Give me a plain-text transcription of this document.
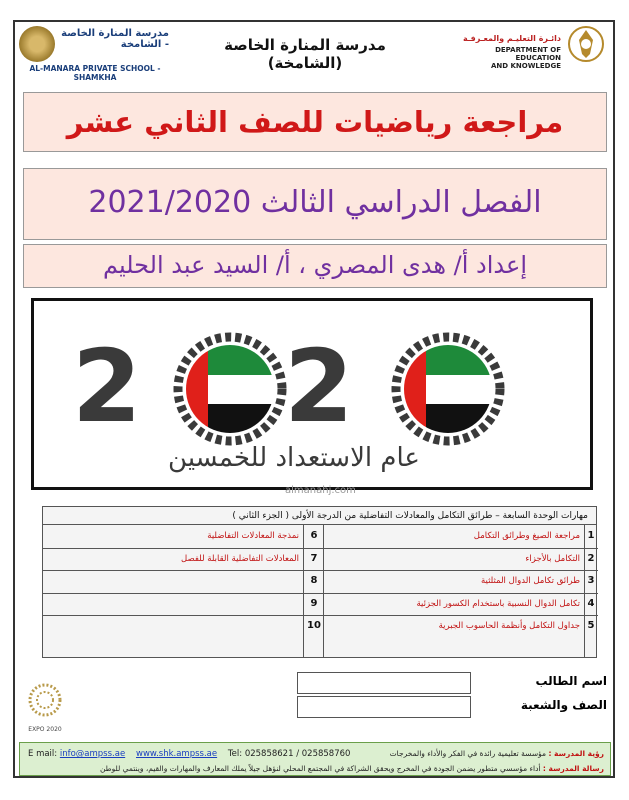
مدرسة المنارة الخاصة - الشامخة
AL-MANARA PRIVATE SCHOOL - SHAMKHA
مدرسة المنارة الخاصة (الشامخة)
دائـرة التعليـم والمعـرفـة
DEPARTMENT OF EDUCATION
AND KNOWLEDGE
مراجعة رياضيات للصف الثاني عشر
الفصل الدراسي الثالث 2021/2020
إعداد أ/ هدى المصري ، أ/ السيد عبد الحليم
2 2
عام الاستعداد للخمسين
almanahj.com
مهارات الوحدة السابعة – طرائق التكامل والمعادلات التفاضلية من الدرجة الأولى ( الجزء الثاني )
1
مراجعة الصيغ وطرائق التكامل
2
التكامل بالأجزاء
3
طرائق تكامل الدوال المثلثية
4
تكامل الدوال النسبية باستخدام الكسور الجزئية
5
جداول التكامل وأنظمة الحاسوب الجبرية
6
نمذجة المعادلات التفاضلية
7
المعادلات التفاضلية القابلة للفصل
8
9
10
EXPO 2020
اسم الطالب
الصف والشعبة
رؤية المدرسة : مؤسسة تعليمية رائدة في الفكر والأداء والمخرجات
رسالة المدرسة : أداء مؤسسي متطور يضمن الجودة في المخرج ويحقق الشراكة في المجتمع المحلي لنؤهل جيلاً يملك المعارف والمهارات والقيم، وينتمي للوطن
E mail: info@ampss.ae www.shk.ampss.ae Tel: 025858621 / 025858760
